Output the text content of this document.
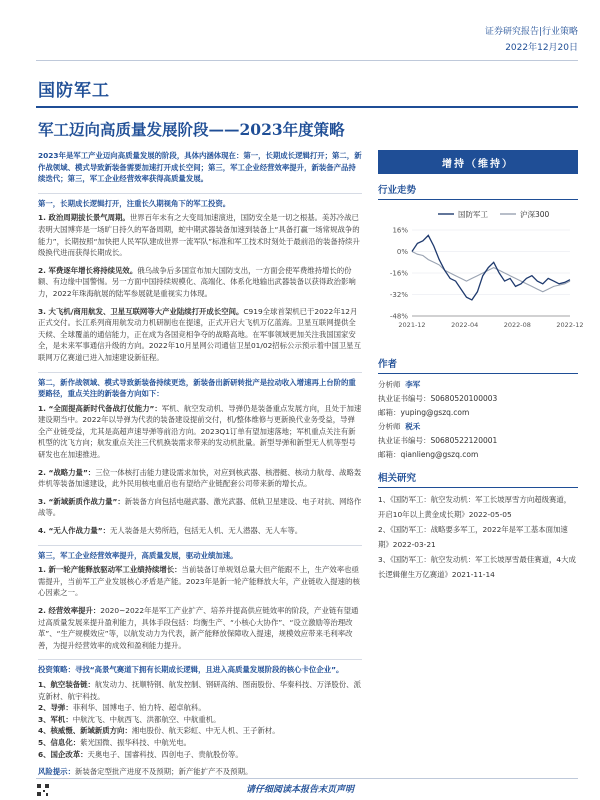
证券研究报告|行业策略
2022年12月20日
国防军工
军工迈向高质量发展阶段——2023年度策略
2023年是军工产业迈向高质量发展的阶段，具体内涵体现在：第一，长期成长逻辑打开；第二，新作战领域、模式导致新装备需要加速打开成长空间；第三，军工企业经营效率提升，新装备产品持续迭代；第三，军工企业经营效率获得高质量发展。
第一，长期成长逻辑打开，注重长久期视角下的军工投资。
1. 政治周期拔长景气周期。世界百年未有之大变局加速演进，国防安全是一切之根基。美苏冷战已表明大国博弈是一场旷日持久的军备周期，蛇中期武器装备加速到装备上“具备打赢一场常规战争的能力”，长期按照“加快把人民军队建成世界一流军队”标准和军工技术时刻处于最前沿的装备持续升级换代进而获得长期成长。
2. 军费逐年增长将持续见效。俄乌战争后多国宣布加大国防支出，一方面会使军费维持增长的份额、有边缘中国警惕。另一方面中国持续规模化、高端化、体系化地输出武器装备以获得政治影响力，2022年珠海航展的陆军参展就是重视实力体现。
3. 大飞机/商用航发、卫星互联网等大产业陆续打开成长空间。C919全球首架机已于2022年12月正式交付。长江系列商用航发动力机研制也在提速，正式开启大飞机万亿蓝海。卫星互联网提供全天候、全球覆盖的通信能力，正在成为各国竞相争夺的战略高地。在军事领域更加关注我国国家安全，是未来军事通信升级的方向。2022年10月星网公司通信卫星01/02招标公示预示着中国卫星互联网万亿赛道已进入加速建设新征程。
第二，新作战领域、模式导致新装备持续更迭，新装备出新研转批产是拉动收入增速再上台阶的重要路径，重点关注的新装备方向如下：
1. “全面提高新时代备战打仗能力”：军机、航空发动机、导弹仍是装备重点发展方向，且处于加速建设期当中。2022年以导弹为代表的装备建设提前交付，机/整体维修与更新换代业务受益，导弹全产业链受益，尤其是高超声速导弹等前沿方向。2023Q1订单有望加速落地；军机重点关注有新机型的沈飞方向；航发重点关注三代机换装需求带来的发动机批量。新型导弹和新型无人机等型号研发也在加速推进。
2. “战略力量”：三位一体核打击能力建设需求加快，对应到核武器、核潜艇、核动力航母、战略轰炸机等装备加速建设，此外民用核电重启也有望给产业链配套公司带来新的增长点。
3. “新域新质作战力量”：新装备方向包括电磁武器、激光武器、低轨卫星建设、电子对抗、网络作战等。
4. “无人作战力量”：无人装备是大势所趋，包括无人机、无人潜器、无人车等。
第三，军工企业经营效率提升，高质量发展，驱动业绩加速。
1. 新一轮产能释放驱动军工业绩持续增长：当前装备订单规划总量大但产能跟不上，生产效率也亟需提升，当前军工产业发展核心矛盾是产能。2023年是新一轮产能释放大年，产业链收入提速的核心因素之一。
2. 经营效率提升：2020~2022年是军工产业扩产、培养并提高供应链效率的阶段，产业链有望通过高质量发展来提升盈利能力，具体手段包括：均衡生产、“小核心大协作”、“设立激励等治理改革”、“生产规模效应”等，以航发动力为代表，新产能释放保障收入提速，规模效应带来毛利率改善，为提升经营效率的成效和盈利能力提升。
投资策略：寻找“高景气赛道下拥有长期成长逻辑，且进入高质量发展阶段的核心卡位企业”。
1、航空装备链：航发动力、抚顺特钢、航发控制、钢研高纳、图南股份、华秦科技、万泽股份、派克新材、航宇科技。
2、导弹：菲利华、国博电子、铂力特、超卓航科。
3、军机：中航沈飞、中航西飞、洪都航空、中航重机。
4、核威慑、新域新质方向：湘电股份、航天彩虹、中无人机、王子新材。
5、信息化：紫光国微、振华科技、中航光电。
6、国企改革：天奥电子、国睿科技、四创电子、贵航股份等。
风险提示：新装备定型批产进度不及预期；新产能扩产不及预期。
增持（维持）
行业走势
国防军工	沪深300
16%
0%
-16%
-32%
-48%
2021-12	2022-04	2022-08	2022-12
作者
分析师 李军
执业证书编号：S0680520100003
邮箱：yuping@gszq.com
分析师 税禾
执业证书编号：S0680522120001
邮箱：qianlieng@gszq.com
相关研究
1、《国防军工：航空发动机：军工长坡厚雪方向超级赛道，开启10年以上黄金成长期》2022-05-05
2、《国防军工：战略要多军工，2022年是军工基本面加速期》2022-03-21
3、《国防军工：航空发动机：军工长坡厚雪最佳赛道，4大成长逻辑催生万亿赛道》2021-11-14
请仔细阅读本报告末页声明
